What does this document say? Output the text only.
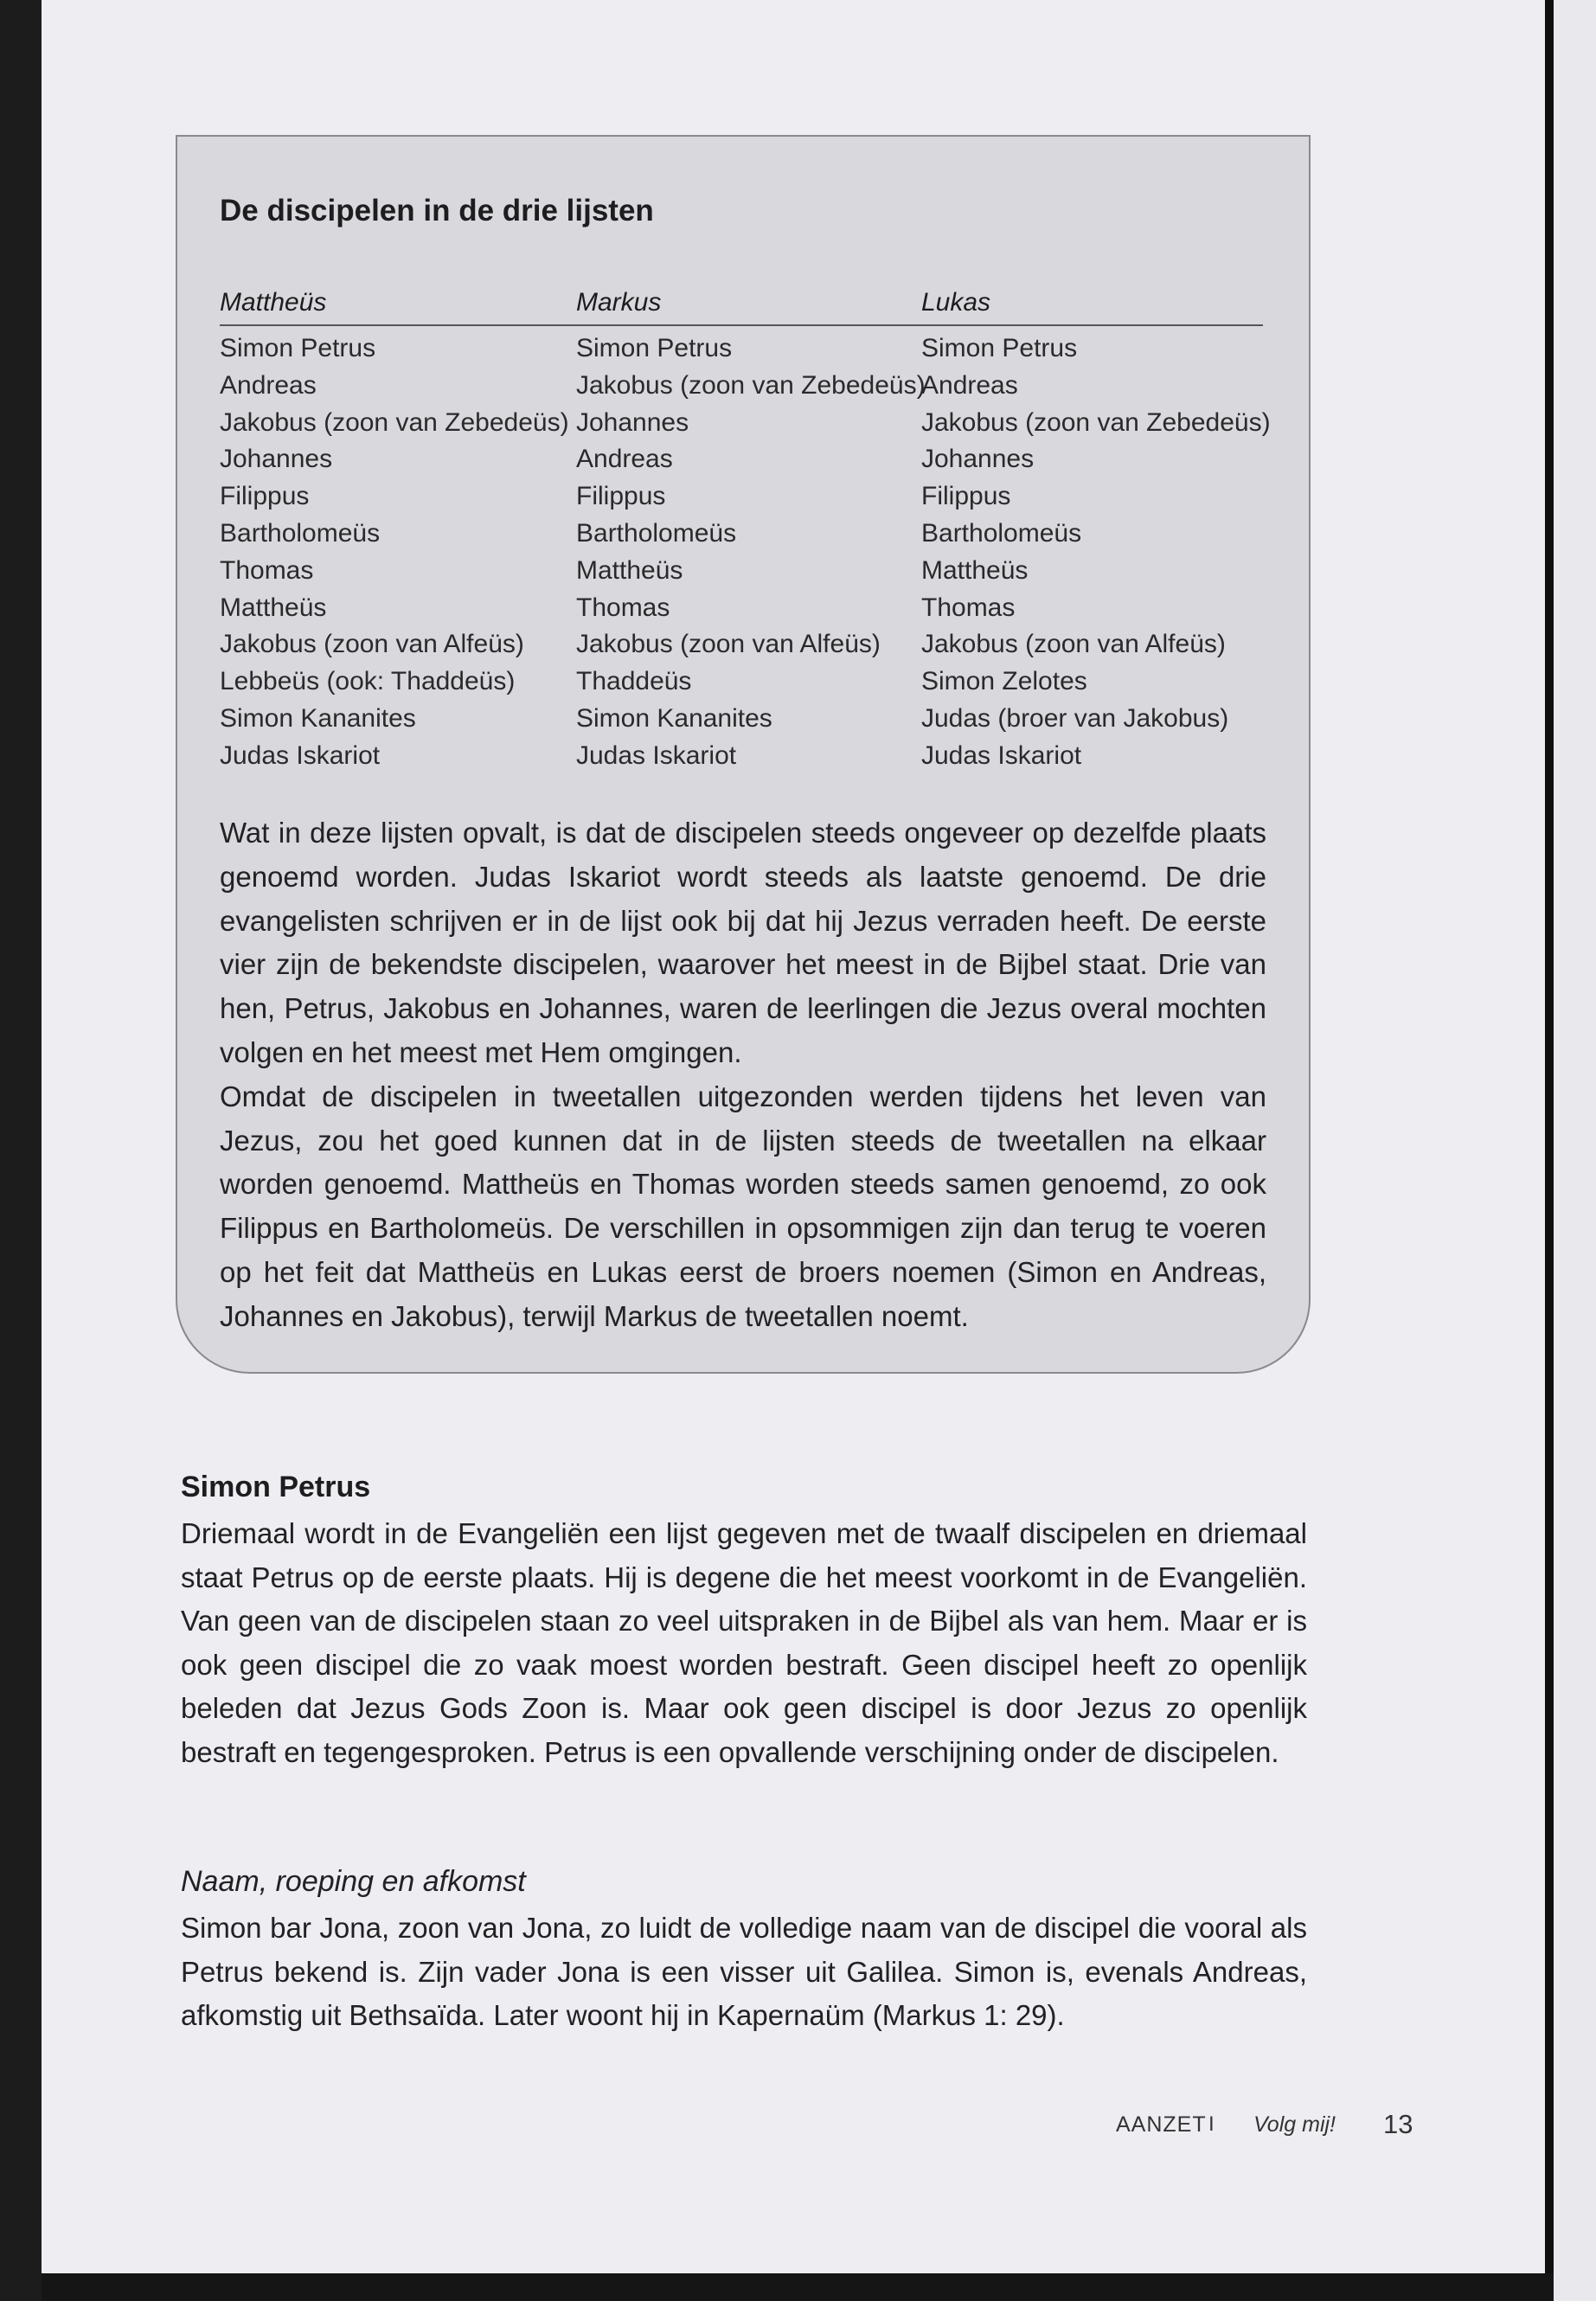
De discipelen in de drie lijsten
Mattheüs
Simon Petrus
Andreas
Jakobus (zoon van Zebedeüs)
Johannes
Filippus
Bartholomeüs
Thomas
Mattheüs
Jakobus (zoon van Alfeüs)
Lebbeüs (ook: Thaddeüs)
Simon Kananites
Judas Iskariot
Markus
Simon Petrus
Jakobus (zoon van Zebedeüs)
Johannes
Andreas
Filippus
Bartholomeüs
Mattheüs
Thomas
Jakobus (zoon van Alfeüs)
Thaddeüs
Simon Kananites
Judas Iskariot
Lukas
Simon Petrus
Andreas
Jakobus (zoon van Zebedeüs)
Johannes
Filippus
Bartholomeüs
Mattheüs
Thomas
Jakobus (zoon van Alfeüs)
Simon Zelotes
Judas (broer van Jakobus)
Judas Iskariot
Wat in deze lijsten opvalt, is dat de discipelen steeds ongeveer op dezelfde plaats genoemd worden. Judas Iskariot wordt steeds als laatste genoemd. De drie evangelisten schrijven er in de lijst ook bij dat hij Jezus verraden heeft. De eerste vier zijn de bekendste discipelen, waarover het meest in de Bijbel staat. Drie van hen, Petrus, Jakobus en Johannes, waren de leerlingen die Jezus overal mochten volgen en het meest met Hem omgingen.
Omdat de discipelen in tweetallen uitgezonden werden tijdens het leven van Jezus, zou het goed kunnen dat in de lijsten steeds de tweetallen na elkaar worden genoemd. Mattheüs en Thomas worden steeds samen genoemd, zo ook Filippus en Bartholomeüs. De verschillen in opsommigen zijn dan terug te voeren op het feit dat Mattheüs en Lukas eerst de broers noemen (Simon en Andreas, Johannes en Jakobus), terwijl Markus de tweetallen noemt.
Simon Petrus
Driemaal wordt in de Evangeliën een lijst gegeven met de twaalf discipelen en driemaal staat Petrus op de eerste plaats. Hij is degene die het meest voorkomt in de Evangeliën. Van geen van de discipelen staan zo veel uitspraken in de Bijbel als van hem. Maar er is ook geen discipel die zo vaak moest worden bestraft. Geen discipel heeft zo openlijk beleden dat Jezus Gods Zoon is. Maar ook geen discipel is door Jezus zo openlijk bestraft en tegengesproken. Petrus is een opvallende verschijning onder de discipelen.
Naam, roeping en afkomst
Simon bar Jona, zoon van Jona, zo luidt de volledige naam van de discipel die vooral als Petrus bekend is. Zijn vader Jona is een visser uit Galilea. Simon is, evenals Andreas, afkomstig uit Bethsaïda. Later woont hij in Kapernaüm (Markus 1: 29).
AANZET I	Volg mij! 13
